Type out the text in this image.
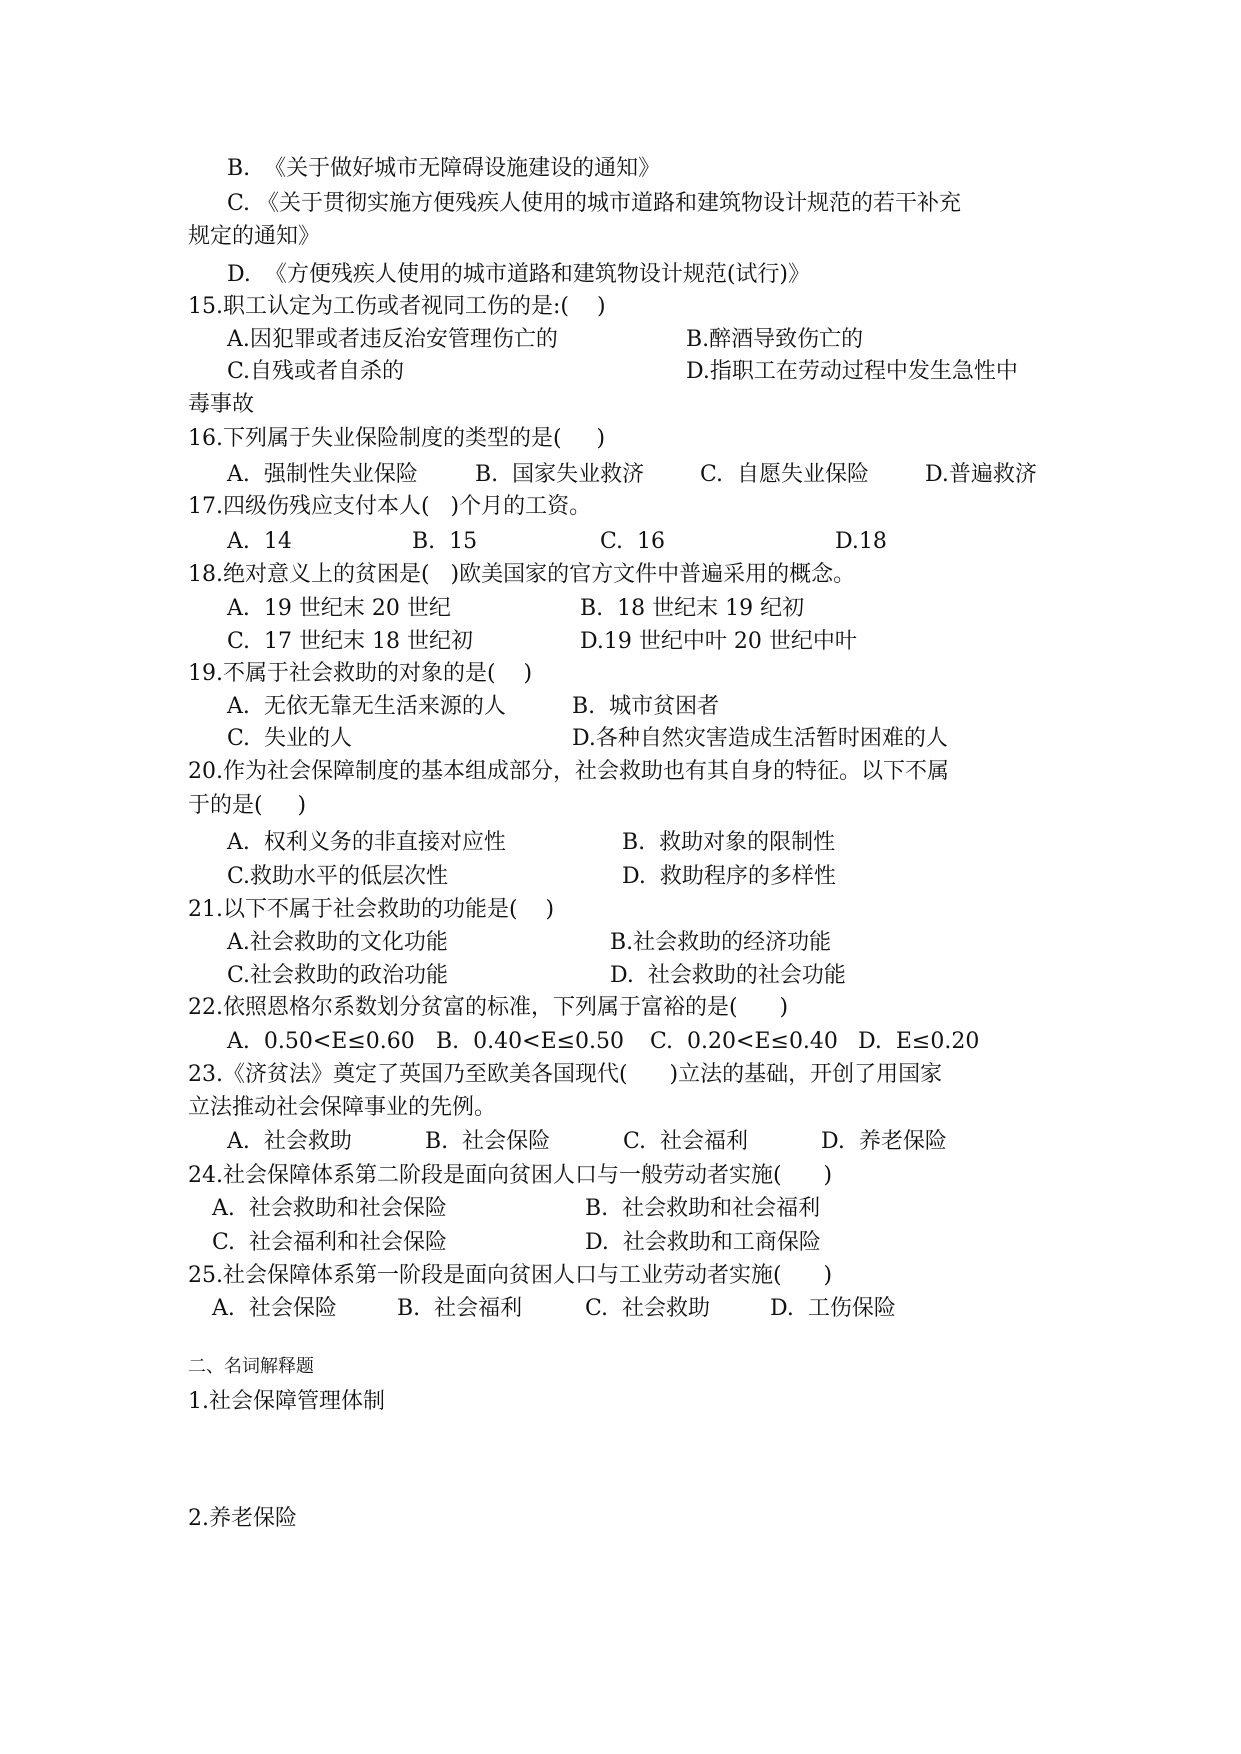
B.  《关于做好城市无障碍设施建设的通知》
C. 《关于贯彻实施方便残疾人使用的城市道路和建筑物设计规范的若干补充
规定的通知》
D.  《方便残疾人使用的城市道路和建筑物设计规范(试行)》
15.职工认定为工伤或者视同工伤的是:(    )
A.因犯罪或者违反治安管理伤亡的	B.醉酒导致伤亡的
C.自残或者自杀的	D.指职工在劳动过程中发生急性中
毒事故
16.下列属于失业保险制度的类型的是(     )
A.  强制性失业保险	B.  国家失业救济	C.  自愿失业保险	D.普遍救济
17.四级伤残应支付本人(   )个月的工资。
A.  14	B.  15	C.  16	D.18
18.绝对意义上的贫困是(   )欧美国家的官方文件中普遍采用的概念。
A.  19 世纪末 20 世纪	B.  18 世纪末 19 纪初
C.  17 世纪末 18 世纪初	D.19 世纪中叶 20 世纪中叶
19.不属于社会救助的对象的是(    )
A.  无依无靠无生活来源的人	B.  城市贫困者
C.  失业的人	D.各种自然灾害造成生活暂时困难的人
20.作为社会保障制度的基本组成部分，社会救助也有其自身的特征。以下不属
于的是(     )
A.  权利义务的非直接对应性	B.  救助对象的限制性
C.救助水平的低层次性	D.  救助程序的多样性
21.以下不属于社会救助的功能是(    )
A.社会救助的文化功能	B.社会救助的经济功能
C.社会救助的政治功能	D.  社会救助的社会功能
22.依照恩格尔系数划分贫富的标准，下列属于富裕的是(      )
A.  0.50<E≤0.60 B.  0.40<E≤0.50 C.  0.20<E≤0.40 D.  E≤0.20
23.《济贫法》奠定了英国乃至欧美各国现代(      )立法的基础，开创了用国家
立法推动社会保障事业的先例。
A.  社会救助	B.  社会保险	C.  社会福利	D.  养老保险
24.社会保障体系第二阶段是面向贫困人口与一般劳动者实施(      )
A.  社会救助和社会保险	B.  社会救助和社会福利
C.  社会福利和社会保险	D.  社会救助和工商保险
25.社会保障体系第一阶段是面向贫困人口与工业劳动者实施(      )
A.  社会保险	B.  社会福利	C.  社会救助	D.  工伤保险
二、名词解释题
1.社会保障管理体制
2.养老保险
